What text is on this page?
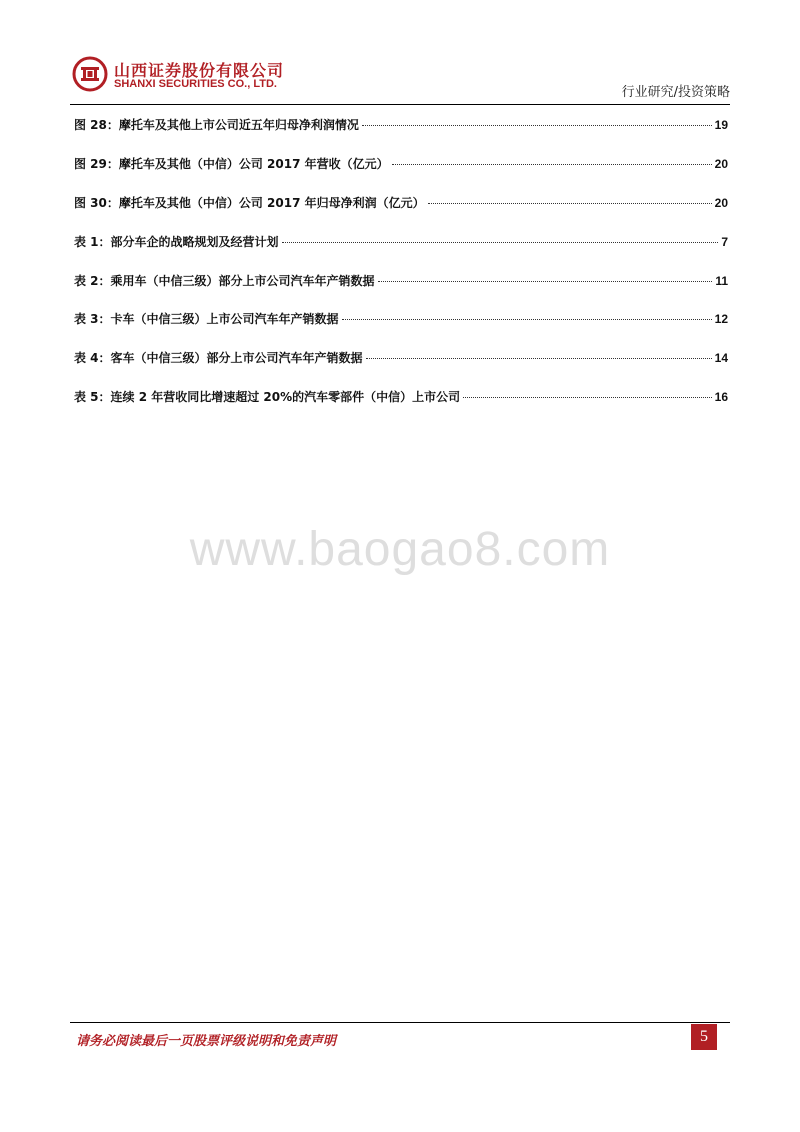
山西证券股份有限公司
SHANXI SECURITIES CO., LTD.
行业研究/投资策略
图 28：摩托车及其他上市公司近五年归母净利润情况	19
图 29：摩托车及其他（中信）公司 2017 年营收（亿元）	20
图 30：摩托车及其他（中信）公司 2017 年归母净利润（亿元）	20
表 1：部分车企的战略规划及经营计划	7
表 2：乘用车（中信三级）部分上市公司汽车年产销数据	11
表 3：卡车（中信三级）上市公司汽车年产销数据	12
表 4：客车（中信三级）部分上市公司汽车年产销数据	14
表 5：连续 2 年营收同比增速超过 20%的汽车零部件（中信）上市公司	16
www.baogao8.com
请务必阅读最后一页股票评级说明和免责声明	5
